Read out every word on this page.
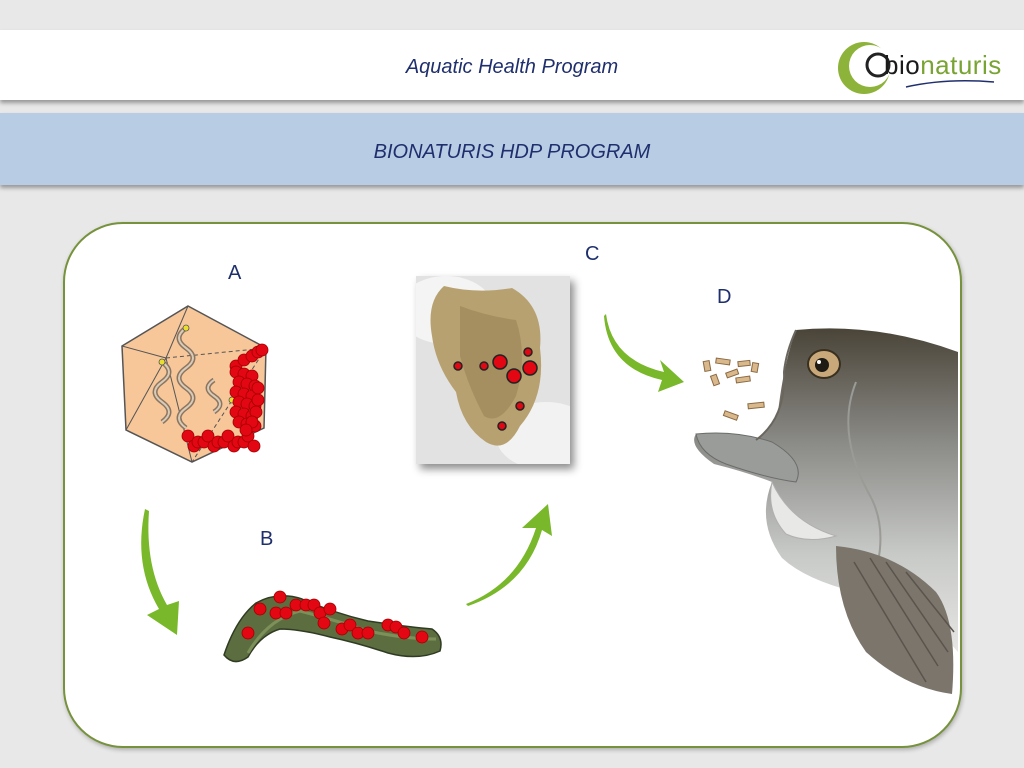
Aquatic Health Program	bionaturis
BIONATURIS HDP PROGRAM
A
B
C
D
